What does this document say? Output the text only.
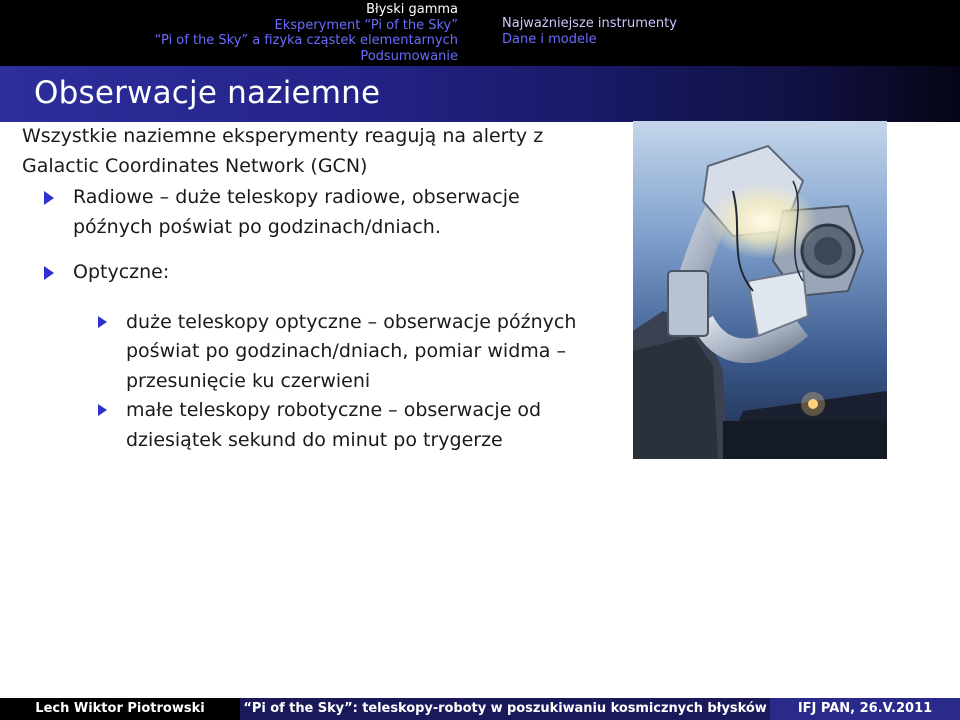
Błyski gamma
Eksperyment “Pi of the Sky”
“Pi of the Sky” a fizyka cząstek elementarnych
Podsumowanie
Najważniejsze instrumenty
Dane i modele
Obserwacje naziemne

Wszystkie naziemne eksperymenty reagują na alerty z Galactic Coordinates Network (GCN)

Radiowe – duże teleskopy radiowe, obserwacje późnych poświat po godzinach/dniach.
Optyczne:
duże teleskopy optyczne – obserwacje późnych poświat po godzinach/dniach, pomiar widma – przesunięcie ku czerwieni
małe teleskopy robotyczne – obserwacje od dziesiątek sekund do minut po trygerze
Lech Wiktor Piotrowski	“Pi of the Sky”: teleskopy-roboty w poszukiwaniu kosmicznych błysków	IFJ PAN, 26.V.2011
